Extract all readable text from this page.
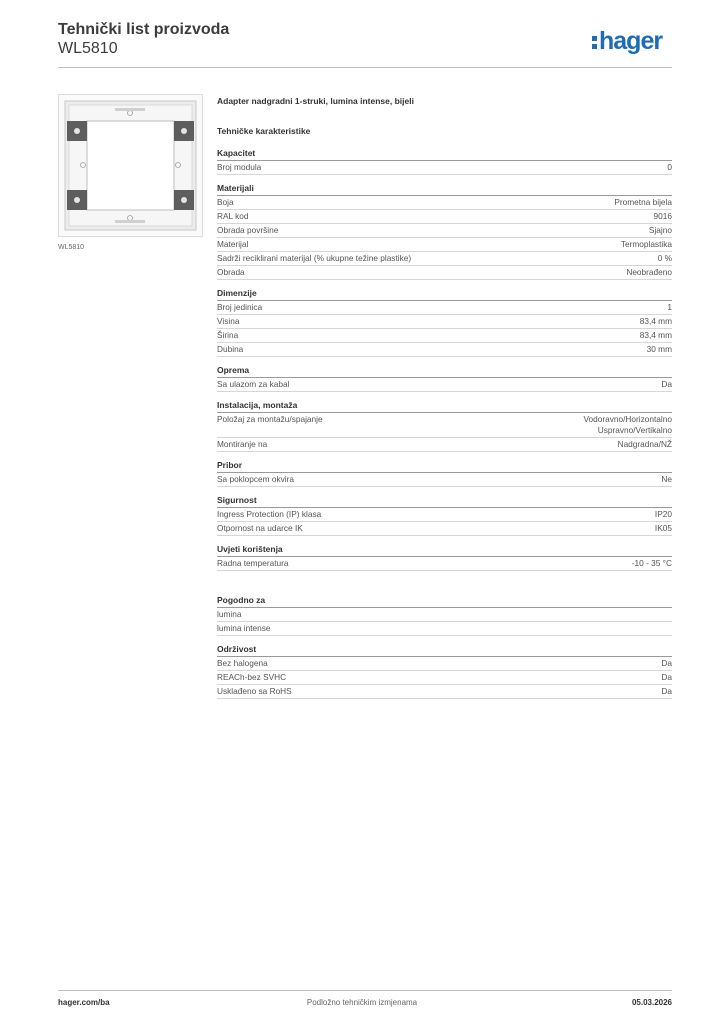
Tehnički list proizvoda
WL5810	hager
WL5810
Adapter nadgradni 1-struki, lumina intense, bijeli
Tehničke karakteristike
Kapacitet
Broj modula	0
Materijali
Boja	Prometna bijela
RAL kod	9016
Obrada površine	Sjajno
Materijal	Termoplastika
Sadrži reciklirani materijal (% ukupne težine plastike)	0 %
Obrada	Neobrađeno
Dimenzije
Broj jedinica	1
Visina	83,4 mm
Širina	83,4 mm
Dubina	30 mm
Oprema
Sa ulazom za kabal	Da
Instalacija, montaža
Položaj za montažu/spajanje	Vodoravno/Horizontalno
Uspravno/Vertikalno
Montiranje na	Nadgradna/NŽ
Pribor
Sa poklopcem okvira	Ne
Sigurnost
Ingress Protection (IP) klasa	IP20
Otpornost na udarce IK	IK05
Uvjeti korištenja
Radna temperatura	-10 - 35 °C
Pogodno za
lumina
lumina intense
Održivost
Bez halogena	Da
REACh-bez SVHC	Da
Usklađeno sa RoHS	Da
hager.com/ba	Podložno tehničkim izmjenama	05.03.2026
